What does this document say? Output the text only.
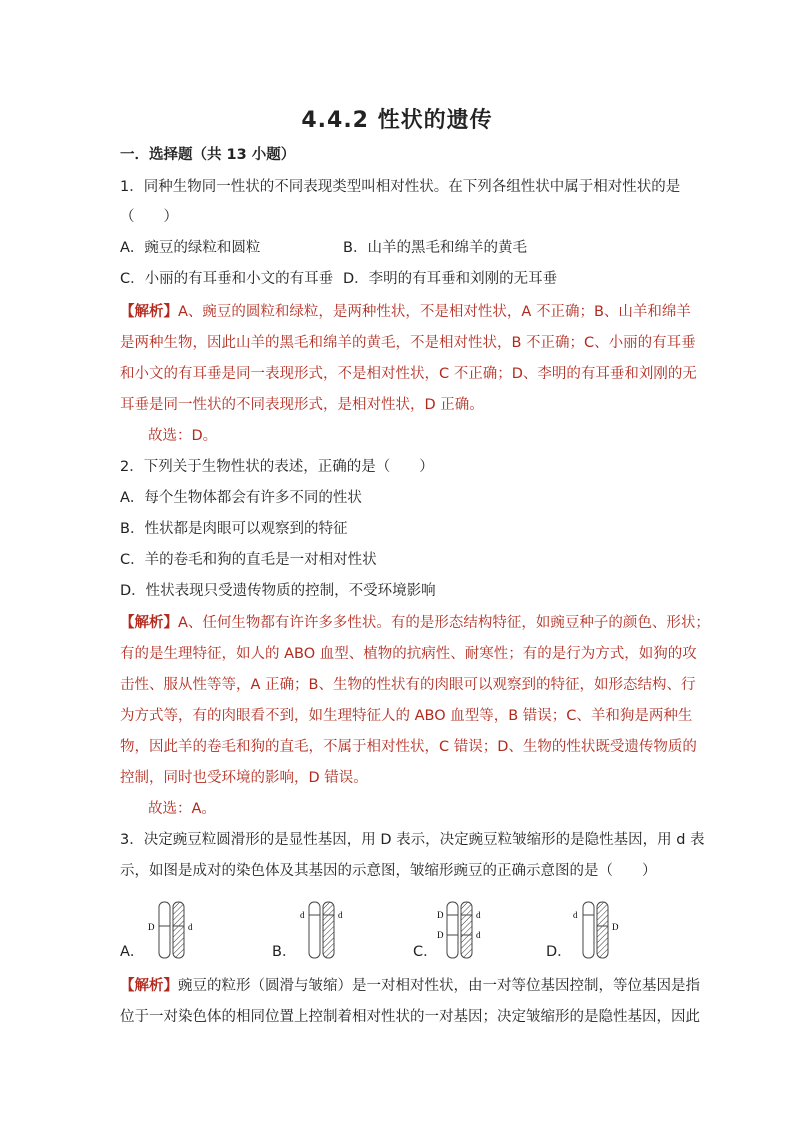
4.4.2 性状的遗传
一．选择题（共 13 小题）
1．同种生物同一性状的不同表现类型叫相对性状。在下列各组性状中属于相对性状的是
（　　）
A．豌豆的绿粒和圆粒	B．山羊的黑毛和绵羊的黄毛
C．小丽的有耳垂和小文的有耳垂 D．李明的有耳垂和刘刚的无耳垂
【解析】A、豌豆的圆粒和绿粒，是两种性状，不是相对性状，A 不正确；B、山羊和绵羊
是两种生物，因此山羊的黑毛和绵羊的黄毛，不是相对性状，B 不正确；C、小丽的有耳垂
和小文的有耳垂是同一表现形式，不是相对性状，C 不正确；D、李明的有耳垂和刘刚的无
耳垂是同一性状的不同表现形式，是相对性状，D 正确。
故选：D。
2．下列关于生物性状的表述，正确的是（　　）
A．每个生物体都会有许多不同的性状
B．性状都是肉眼可以观察到的特征
C．羊的卷毛和狗的直毛是一对相对性状
D．性状表现只受遗传物质的控制，不受环境影响
【解析】A、任何生物都有许许多多性状。有的是形态结构特征，如豌豆种子的颜色、形状；
有的是生理特征，如人的 ABO 血型、植物的抗病性、耐寒性；有的是行为方式，如狗的攻
击性、服从性等等，A 正确；B、生物的性状有的肉眼可以观察到的特征，如形态结构、行
为方式等，有的肉眼看不到，如生理特征人的 ABO 血型等，B 错误；C、羊和狗是两种生
物，因此羊的卷毛和狗的直毛，不属于相对性状，C 错误；D、生物的性状既受遗传物质的
控制，同时也受环境的影响，D 错误。
故选：A。
3．决定豌豆粒圆滑形的是显性基因，用 D 表示，决定豌豆粒皱缩形的是隐性基因，用 d 表
示，如图是成对的染色体及其基因的示意图，皱缩形豌豆的正确示意图的是（　　）
A．
D	d
B．
d	d
C．
D
D
d
d
D．
d
D
【解析】豌豆的粒形（圆滑与皱缩）是一对相对性状，由一对等位基因控制，等位基因是指
位于一对染色体的相同位置上控制着相对性状的一对基因；决定皱缩形的是隐性基因，因此
